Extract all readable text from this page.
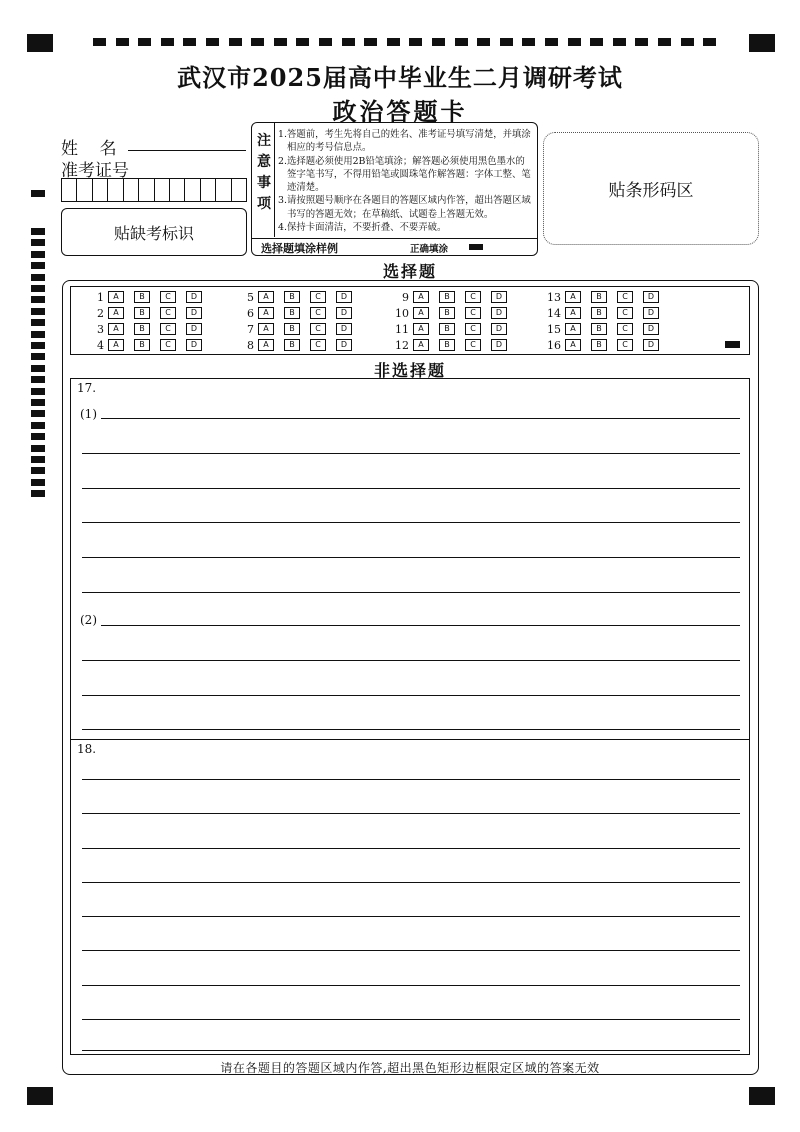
武汉市2025届高中毕业生二月调研考试
政治答题卡
姓    名
准考证号
贴缺考标识
注
意
事
项
1.答题前，考生先将自己的姓名、准考证号填写清楚，并填涂相应的考号信息点。
2.选择题必须使用2B铅笔填涂；解答题必须使用黑色墨水的签字笔书写，不得用铅笔或圆珠笔作解答题：字体工整、笔迹清楚。
3.请按照题号顺序在各题目的答题区域内作答，超出答题区域书写的答题无效；在草稿纸、试题卷上答题无效。
4.保持卡面清洁，不要折叠、不要弄破。
选择题填涂样例	正确填涂
贴条形码区
选择题
1	A	B	C	D
2	A	B	C	D
3	A	B	C	D
4	A	B	C	D
5	A	B	C	D
6	A	B	C	D
7	A	B	C	D
8	A	B	C	D
9	A	B	C	D
10	A	B	C	D
11	A	B	C	D
12	A	B	C	D
13	A	B	C	D
14	A	B	C	D
15	A	B	C	D
16	A	B	C	D
非选择题
17.
(1)
(2)
18.
请在各题目的答题区域内作答,超出黑色矩形边框限定区域的答案无效
